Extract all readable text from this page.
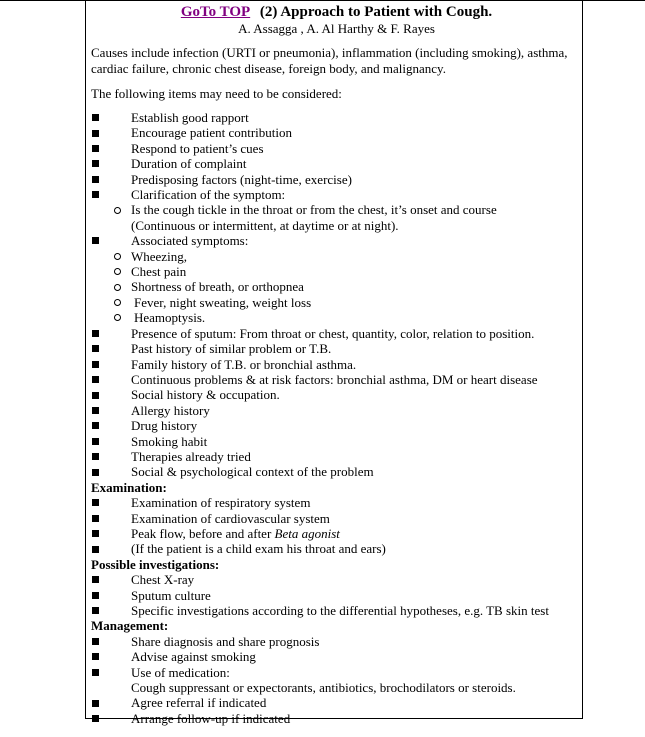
GoTo TOP (2) Approach to Patient with Cough.
A. Assagga , A. Al Harthy & F. Rayes
Causes include infection (URTI or pneumonia), inflammation (including smoking), asthma, cardiac failure, chronic chest disease, foreign body, and malignancy.
The following items may need to be considered:
Establish good rapport
Encourage patient contribution
Respond to patient’s cues
Duration of complaint
Predisposing factors (night-time, exercise)
Clarification of the symptom:
Is the cough tickle in the throat or from the chest, it’s onset and course
(Continuous or intermittent, at daytime or at night).
Associated symptoms:
Wheezing,
Chest pain
Shortness of breath, or orthopnea
Fever, night sweating, weight loss
Heamoptysis.
Presence of sputum: From throat or chest, quantity, color, relation to position.
Past history of similar problem or T.B.
Family history of T.B. or bronchial asthma.
Continuous problems & at risk factors: bronchial asthma, DM or heart disease
Social history & occupation.
Allergy history
Drug history
Smoking habit
Therapies already tried
Social & psychological context of the problem
Examination:
Examination of respiratory system
Examination of cardiovascular system
Peak flow, before and after Beta agonist
(If the patient is a child exam his throat and ears)
Possible investigations:
Chest X-ray
Sputum culture
Specific investigations according to the differential hypotheses, e.g. TB skin test
Management:
Share diagnosis and share prognosis
Advise against smoking
Use of medication:
Cough suppressant or expectorants, antibiotics, brochodilators or steroids.
Agree referral if indicated
Arrange follow-up if indicated
